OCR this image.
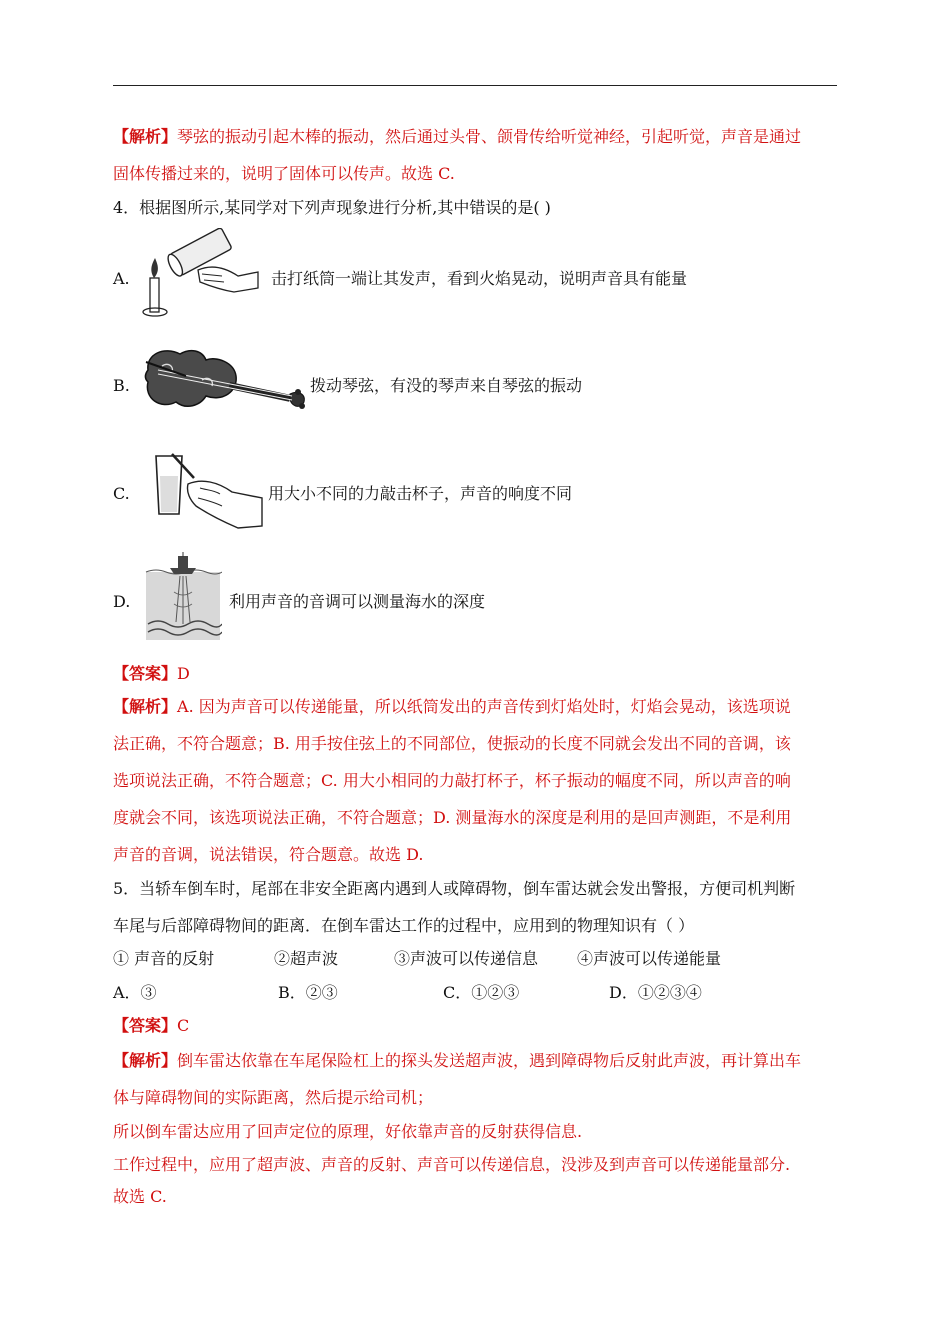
【解析】琴弦的振动引起木棒的振动，然后通过头骨、颌骨传给听觉神经，引起听觉，声音是通过
固体传播过来的，说明了固体可以传声。故选 C.
4．根据图所示,某同学对下列声现象进行分析,其中错误的是( )
A.	击打纸筒一端让其发声，看到火焰晃动，说明声音具有能量
B.	拨动琴弦，有没的琴声来自琴弦的振动
C.	用大小不同的力敲击杯子，声音的响度不同
D.	利用声音的音调可以测量海水的深度
【答案】D
【解析】A. 因为声音可以传递能量，所以纸筒发出的声音传到灯焰处时，灯焰会晃动，该选项说
法正确，不符合题意；B. 用手按住弦上的不同部位，使振动的长度不同就会发出不同的音调，该
选项说法正确，不符合题意；C. 用大小相同的力敲打杯子，杯子振动的幅度不同，所以声音的响
度就会不同，该选项说法正确，不符合题意；D. 测量海水的深度是利用的是回声测距，不是利用
声音的音调，说法错误，符合题意。故选 D.
5．当轿车倒车时，尾部在非安全距离内遇到人或障碍物，倒车雷达就会发出警报，方便司机判断
车尾与后部障碍物间的距离．在倒车雷达工作的过程中，应用到的物理知识有（ ）
① 声音的反射	②超声波	③声波可以传递信息 ④声波可以传递能量
A．③	B．②③	C．①②③	D．①②③④
【答案】C
【解析】倒车雷达依靠在车尾保险杠上的探头发送超声波，遇到障碍物后反射此声波，再计算出车
体与障碍物间的实际距离，然后提示给司机；
所以倒车雷达应用了回声定位的原理，好依靠声音的反射获得信息.
工作过程中，应用了超声波、声音的反射、声音可以传递信息，没涉及到声音可以传递能量部分.
故选 C.
